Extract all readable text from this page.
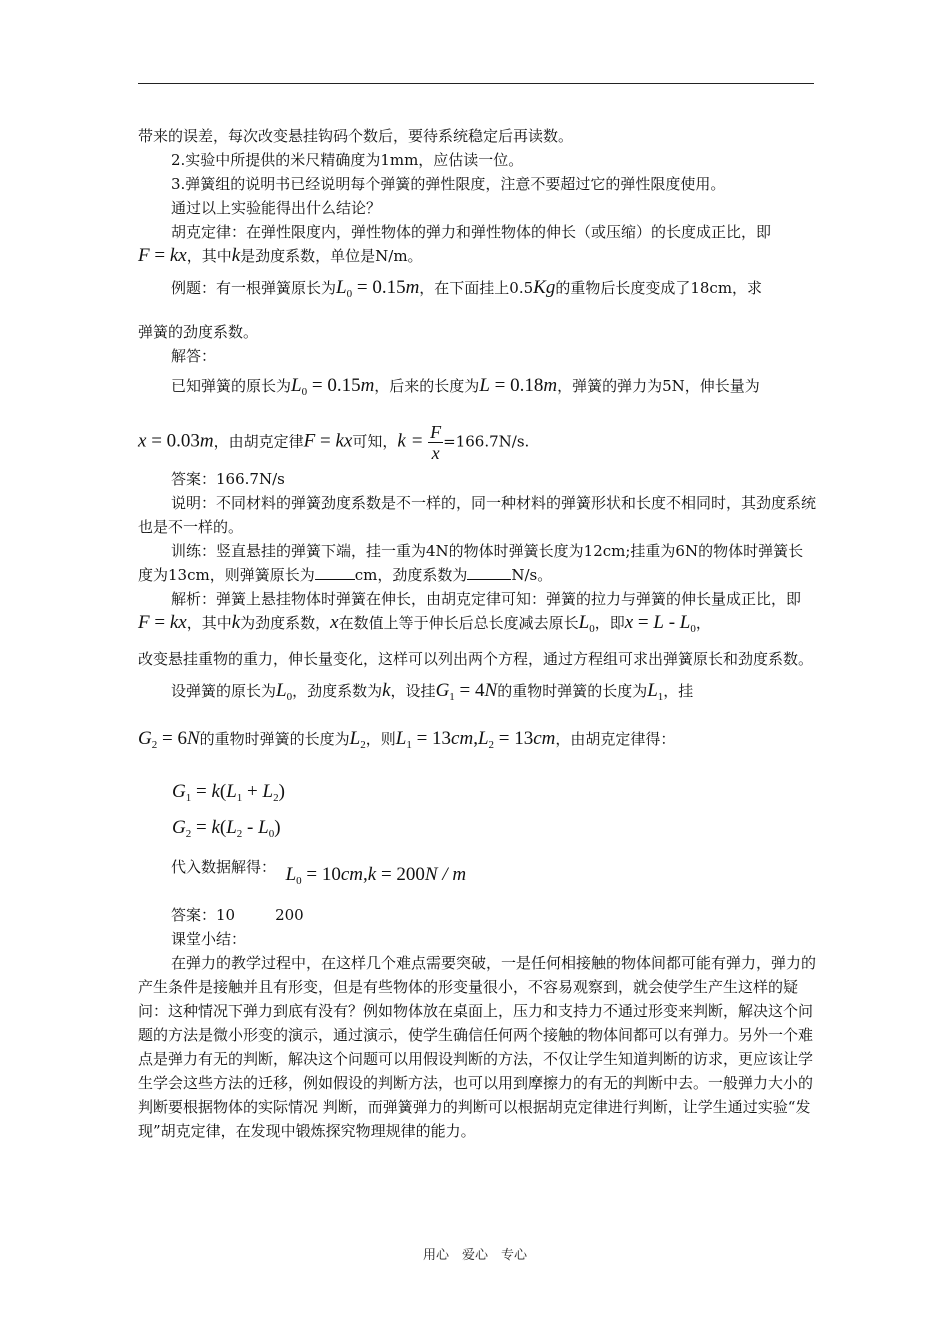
带来的误差，每次改变悬挂钩码个数后，要待系统稳定后再读数。

2.实验中所提供的米尺精确度为1mm，应估读一位。

3.弹簧组的说明书已经说明每个弹簧的弹性限度，注意不要超过它的弹性限度使用。

通过以上实验能得出什么结论？

胡克定律：在弹性限度内，弹性物体的弹力和弹性物体的伸长（或压缩）的长度成正比，即

F = kx，其中k是劲度系数，单位是N/m。

例题：有一根弹簧原长为$L_0 = 0.15m$，在下面挂上0.5Kg的重物后长度变成了18cm，求

弹簧的劲度系数。

解答：

已知弹簧的原长为$L_0 = 0.15m$，后来的长度为L = 0.18m，弹簧的弹力为5N，伸长量为

x = 0.03m，由胡克定律F = kx可知，$k = \frac{F}{x} =166.7N/s$.

答案：166.7N/s

说明：不同材料的弹簧劲度系数是不一样的，同一种材料的弹簧形状和长度不相同时，其劲度系统也是不一样的。

训练：竖直悬挂的弹簧下端，挂一重为4N的物体时弹簧长度为12cm;挂重为6N的物体时弹簧长度为13cm，则弹簧原长为	cm，劲度系数为	N/s。

解析：弹簧上悬挂物体时弹簧在伸长，由胡克定律可知：弹簧的拉力与弹簧的伸长量成正比，即F = kx，其中k为劲度系数，x在数值上等于伸长后总长度减去原长$L_0$，即$x = L - L_0$，

改变悬挂重物的重力，伸长量变化，这样可以列出两个方程，通过方程组可求出弹簧原长和劲度系数。

设弹簧的原长为$L_0$，劲度系数为k，设挂$G_1 = 4N$的重物时弹簧的长度为$L_1$，挂

$G_2 = 6N$的重物时弹簧的长度为$L_2$，则$L_1 = 13cm,L_2 = 13cm$，由胡克定律得：

$G_1 = k(L_1 + L_2)$

$G_2 = k(L_2 - L_0)$

代入数据解得： $L_0 = 10cm,k = 200N / m$

答案：10	200

课堂小结：

在弹力的教学过程中，在这样几个难点需要突破，一是任何相接触的物体间都可能有弹力，弹力的产生条件是接触并且有形变，但是有些物体的形变量很小，不容易观察到，就会使学生产生这样的疑问：这种情况下弹力到底有没有？例如物体放在桌面上，压力和支持力不通过形变来判断，解决这个问题的方法是微小形变的演示，通过演示，使学生确信任何两个接触的物体间都可以有弹力。另外一个难点是弹力有无的判断，解决这个问题可以用假设判断的方法，不仅让学生知道判断的访求，更应该让学生学会这些方法的迁移，例如假设的判断方法，也可以用到摩擦力的有无的判断中去。一般弹力大小的判断要根据物体的实际情况 判断，而弹簧弹力的判断可以根据胡克定律进行判断，让学生通过实验“发现”胡克定律，在发现中锻炼探究物理规律的能力。

用心　爱心　专心
